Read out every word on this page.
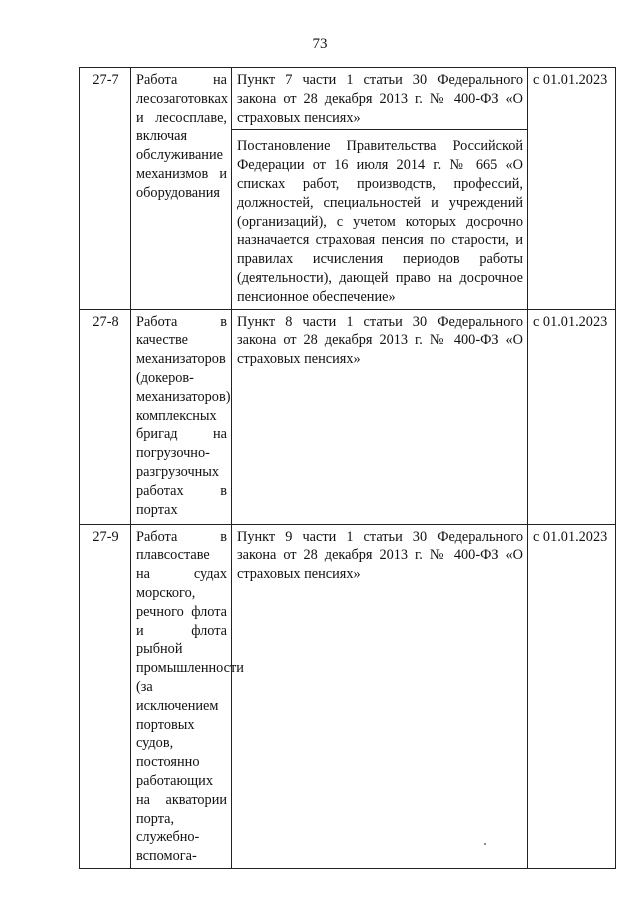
73
27-7	Работа на лесозаготовках и лесосплаве, включая обслуживание механизмов и оборудования	Пункт 7 части 1 статьи 30 Федерального закона от 28 декабря 2013 г. № 400-ФЗ «О страховых пенсиях»	с 01.01.2023
		Постановление Правительства Российской Федерации от 16 июля 2014 г. № 665 «О списках работ, производств, профессий, должностей, специальностей и учреждений (организаций), с учетом которых досрочно назначается страховая пенсия по старости, и правилах исчисления периодов работы (деятельности), дающей право на досрочное пенсионное обеспечение»	
27-8	Работа в качестве механизаторов (докеров-механизаторов) комплексных бригад на погрузочно-разгрузочных работах в портах	Пункт 8 части 1 статьи 30 Федерального закона от 28 декабря 2013 г. № 400-ФЗ «О страховых пенсиях»	с 01.01.2023
27-9	Работа в плавсоставе на судах морского, речного флота и флота рыбной промышленности (за исключением портовых судов, постоянно работающих на акватории порта, служебно-вспомога-	Пункт 9 части 1 статьи 30 Федерального закона от 28 декабря 2013 г. № 400-ФЗ «О страховых пенсиях»	с 01.01.2023
